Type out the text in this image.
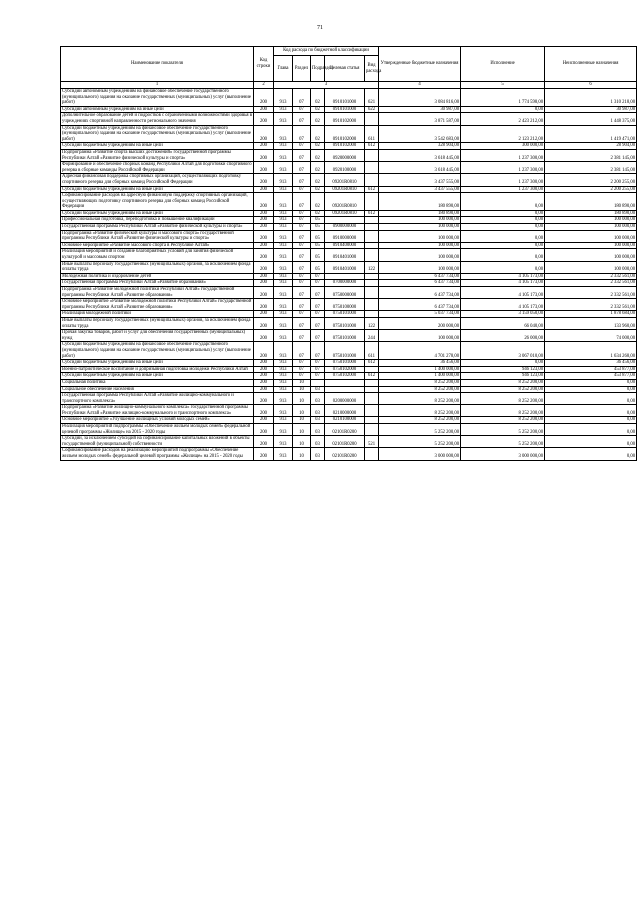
71
Наименование показателя	Код строки	Код расхода по бюджетной классификации					Утвержденные бюджетные назначения	Исполнение	Неисполненные назначения
		Глава	Раздел	Подраздел	Целевая статья	Вид расхода			
1	2	3					4	5	6
Субсидии автономным учреждениям на финансовое обеспечение государственного (муниципального) задания на оказание государственных (муниципальных) услуг (выполнение работ)	200	913	07	02	0910101000	621	3 084 816,00	1 774 598,00	1 310 218,00
Субсидии автономным учреждениям на иные цели	200	913	07	02	0910101000	622	30 987,00	0,00	30 987,00
Дополнительное образование детей и подростков с ограниченными возможностями здоровья в учреждениях спортивной направленности регионального значения	200	913	07	02	0910102000		3 871 587,00	2 423 212,00	1 448 375,00
Субсидии бюджетным учреждениям на финансовое обеспечение государственного (муниципального) задания на оказание государственных (муниципальных) услуг (выполнение работ)	200	913	07	02	0910102000	611	3 542 683,00	2 123 212,00	1 419 471,00
Субсидии бюджетным учреждениям на иные цели	200	913	07	02	0910102000	612	328 904,00	300 000,00	28 904,00
Подпрограмма «Развитие спорта высших достижений» государственной программы Республики Алтай «Развитие физической культуры и спорта»	200	913	07	02	0920000000		3 618 445,00	1 237 300,00	2 381 145,00
Формирование и обеспечение сборных команд Республики Алтай для подготовки спортивного резерва в сборные команды Российской Федерации	200	913	07	02	0920100000		3 618 445,00	1 237 300,00	2 381 145,00
Адресная финансовая поддержка спортивных организаций, осуществляющих подготовку спортивного резерва для сборных команд Российской Федерации	200	913	07	02	09201R0810		3 437 555,00	1 237 300,00	2 200 255,00
Субсидии бюджетным учреждениям на иные цели	200	913	07	02	09201R0810	612	3 437 555,00	1 237 300,00	2 200 255,00
Софинансирование расходов на адресную финансовую поддержку спортивных организаций, осуществляющих подготовку спортивного резерва для сборных команд Российской Федерации	200	913	07	02	09201R0810		180 890,00	0,00	180 890,00
Субсидии бюджетным учреждениям на иные цели	200	913	07	02	09201R0810	612	180 890,00	0,00	180 890,00
Профессиональная подготовка, переподготовка и повышение квалификации	200	913	07	05			100 000,00	0,00	100 000,00
Государственная программа Республики Алтай «Развитие физической культуры и спорта»	200	913	07	05	0900000000		100 000,00	0,00	100 000,00
Подпрограмма «Развитие физической культуры и массового спорта» государственной программы Республики Алтай «Развитие физической культуры и спорта»	200	913	07	05	0910000000		100 000,00	0,00	100 000,00
Основное мероприятие «Развитие массового спорта в Республике Алтай»	200	913	07	05	0910400000		100 000,00	0,00	100 000,00
Реализация мероприятий и создание благоприятных условий для занятия физической культурой и массовым спортом	200	913	07	05	0910401000		100 000,00	0,00	100 000,00
Иные выплаты персоналу государственных (муниципальных) органов, за исключением фонда оплаты труда	200	913	07	05	0910401000	122	100 000,00	0,00	100 000,00
Молодежная политика и оздоровление детей	200	913	07	07			6 437 734,00	4 105 173,00	2 332 561,00
Государственная программа Республики Алтай «Развитие образования»	200	913	07	07	0700000000		6 437 734,00	4 105 173,00	2 332 561,00
Подпрограмма «Развитие молодежной политики Республики Алтай» государственной программы Республики Алтай «Развитие образования»	200	913	07	07	0750000000		6 437 734,00	4 105 173,00	2 332 561,00
Основное мероприятие «Развитие молодежной политики Республики Алтай» государственной программы Республики Алтай «Развитие образования»	200	913	07	07	0750100000		6 437 734,00	4 105 173,00	2 332 561,00
Реализация молодежной политики	200	913	07	07	0750101000		5 037 734,00	3 159 050,00	1 878 684,00
Иные выплаты персоналу государственных (муниципальных) органов, за исключением фонда оплаты труда	200	913	07	07	0750101000	122	200 000,00	66 040,00	133 960,00
Прочая закупка товаров, работ и услуг для обеспечения государственных (муниципальных) нужд	200	913	07	07	0750101000	244	100 000,00	26 000,00	74 000,00
Субсидии бюджетным учреждениям на финансовое обеспечение государственного (муниципального) задания на оказание государственных (муниципальных) услуг (выполнение работ)	200	913	07	07	0750101000	611	4 701 278,00	3 067 010,00	1 634 268,00
Субсидии бюджетным учреждениям на иные цели	200	913	07	07	0750101000	612	36 456,00	0,00	36 456,00
Военно-патриотическое воспитание и допризывная подготовка молодежи Республики Алтай	200	913	07	07	0750102000		1 400 000,00	946 123,00	453 877,00
Субсидии бюджетным учреждениям на иные цели	200	913	07	07	0750102000	612	1 400 000,00	946 123,00	453 877,00
Социальная политика	200	913	10				8 252 200,00	8 252 200,00	0,00
Социальное обеспечение населения	200	913	10	03			8 252 200,00	8 252 200,00	0,00
Государственная программа Республики Алтай «Развитие жилищно-коммунального и транспортного комплекса»	200	913	10	03	0200000000		8 252 200,00	8 252 200,00	0,00
Подпрограмма «Развитие жилищно-коммунального комплекса» государственной программы Республики Алтай «Развитие жилищно-коммунального и транспортного комплекса»	200	913	10	03	0210000000		8 252 200,00	8 252 200,00	0,00
Основное мероприятие «Улучшение жилищных условий молодых семей»	200	913	10	03	0210100000		8 252 200,00	8 252 200,00	0,00
Реализация мероприятий подпрограммы «Обеспечение жильем молодых семей» федеральной целевой программы «Жилище» на 2015 - 2020 годы	200	913	10	03	02101R0200		5 252 200,00	5 252 200,00	0,00
Субсидии, за исключением субсидий на софинансирование капитальных вложений в объекты государственной (муниципальной) собственности	200	913	10	03	02101R0200	521	5 252 200,00	5 252 200,00	0,00
Софинансирование расходов на реализацию мероприятий подпрограммы «Обеспечение жильем молодых семей» федеральной целевой программы «Жилище» на 2015 - 2020 годы	200	913	10	03	02101R0200		3 000 000,00	3 000 000,00	0,00
